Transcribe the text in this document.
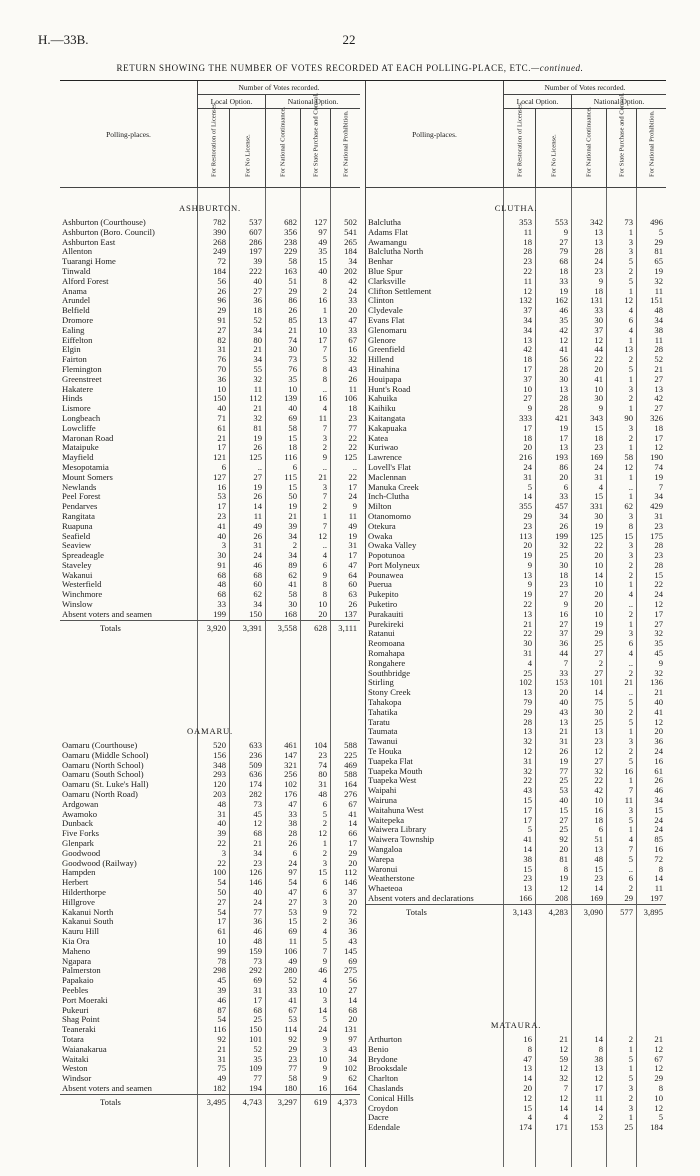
H.—33B.	22
RETURN SHOWING THE NUMBER OF VOTES RECORDED AT EACH POLLING-PLACE, ETC.—continued.
Polling-places.
Number of Votes recorded.
Local Option.	National Option.
For Restoration of Licenses.	For No License.	For National Continuance.	For State Purchase and Control.	For National Prohibition.
ASHBURTON.
Ashburton (Courthouse)	782	537	682	127	502
Ashburton (Boro. Council)	390	607	356	97	541
Ashburton East	268	286	238	49	265
Allenton	249	197	229	35	184
Tuarangi Home	72	39	58	15	34
Tinwald	184	222	163	40	202
Alford Forest	56	40	51	8	42
Anama	26	27	29	2	24
Arundel	96	36	86	16	33
Belfield	29	18	26	1	20
Dromore	91	52	85	13	47
Ealing	27	34	21	10	33
Eiffelton	82	80	74	17	67
Elgin	31	21	30	7	16
Fairton	76	34	73	5	32
Flemington	70	55	76	8	43
Greenstreet	36	32	35	8	26
Hakatere	10	11	10	..	11
Hinds	150	112	139	16	106
Lismore	40	21	40	4	18
Longbeach	71	32	69	11	23
Lowcliffe	61	81	58	7	77
Maronan Road	21	19	15	3	22
Mataipuke	17	26	18	2	22
Mayfield	121	125	116	9	125
Mesopotamia	6	..	6	..	..
Mount Somers	127	27	115	21	22
Newlands	16	19	15	3	17
Peel Forest	53	26	50	7	24
Pendarves	17	14	19	2	9
Rangitata	23	11	21	1	11
Ruapuna	41	49	39	7	49
Seafield	40	26	34	12	19
Seaview	3	31	2	..	31
Spreadeagle	30	24	34	4	17
Staveley	91	46	89	6	47
Wakanui	68	68	62	9	64
Westerfield	48	60	41	8	60
Winchmore	68	62	58	8	63
Winslow	33	34	30	10	26
Absent voters and seamen	199	150	168	20	137
Totals	3,920	3,391	3,558	628	3,111
OAMARU.
Oamaru (Courthouse)	520	633	461	104	588
Oamaru (Middle School)	156	236	147	23	225
Oamaru (North School)	348	509	321	74	469
Oamaru (South School)	293	636	256	80	588
Oamaru (St. Luke's Hall)	120	174	102	31	164
Oamaru (North Road)	203	282	176	48	276
Ardgowan	48	73	47	6	67
Awamoko	31	45	33	5	41
Dunback	40	12	38	2	14
Five Forks	39	68	28	12	66
Glenpark	22	21	26	1	17
Goodwood	3	34	6	2	29
Goodwood (Railway)	22	23	24	3	20
Hampden	100	126	97	15	112
Herbert	54	146	54	6	146
Hilderthorpe	50	40	47	6	37
Hillgrove	27	24	27	3	20
Kakanui North	54	77	53	9	72
Kakanui South	17	36	15	2	36
Kauru Hill	61	46	69	4	36
Kia Ora	10	48	11	5	43
Maheno	99	159	106	7	145
Ngapara	78	73	49	9	69
Palmerston	298	292	280	46	275
Papakaio	45	69	52	4	56
Peebles	39	31	33	10	27
Port Moeraki	46	17	41	3	14
Pukeuri	87	68	67	14	68
Shag Point	54	25	53	5	20
Teaneraki	116	150	114	24	131
Totara	92	101	92	9	97
Waianakarua	21	52	29	3	43
Waitaki	31	35	23	10	34
Weston	75	109	77	9	102
Windsor	49	77	58	9	62
Absent voters and seamen	182	194	180	16	164
Totals	3,495	4,743	3,297	619	4,373
Polling-places.
Number of Votes recorded.
Local Option.	National Option.
For Restoration of Licenses.	For No License.	For National Continuance.	For State Purchase and Control.	For National Prohibition.
CLUTHA.
Balclutha	353	553	342	73	496
Adams Flat	11	9	13	1	5
Awamangu	18	27	13	3	29
Balclutha North	28	79	28	3	81
Benhar	23	68	24	5	65
Blue Spur	22	18	23	2	19
Clarksville	11	33	9	5	32
Clifton Settlement	12	19	18	1	11
Clinton	132	162	131	12	151
Clydevale	37	46	33	4	48
Evans Flat	34	35	30	6	34
Glenomaru	34	42	37	4	38
Glenore	13	12	12	1	11
Greenfield	42	41	44	13	28
Hillend	18	56	22	2	52
Hinahina	17	28	20	5	21
Houipapa	37	30	41	1	27
Hunt's Road	10	13	10	3	13
Kahuika	27	28	30	2	42
Kaihiku	9	28	9	1	27
Kaitangata	333	421	343	90	326
Kakapuaka	17	19	15	3	18
Katea	18	17	18	2	17
Kuriwao	20	13	23	1	12
Lawrence	216	193	169	58	190
Lovell's Flat	24	86	24	12	74
Maclennan	31	20	31	1	19
Manuka Creek	5	6	4	..	7
Inch-Clutha	14	33	15	1	34
Milton	355	457	331	62	429
Otanomomo	29	34	30	3	31
Otekura	23	26	19	8	23
Owaka	113	199	125	15	175
Owaka Valley	20	32	22	3	28
Popotunoa	19	25	20	3	23
Port Molyneux	9	30	10	2	28
Pounawea	13	18	14	2	15
Puerua	9	23	10	1	22
Pukepito	19	27	20	4	24
Puketiro	22	9	20	..	12
Purakauiti	13	16	10	2	17
Purekireki	21	27	19	1	27
Ratanui	22	37	29	3	32
Reomoana	30	36	25	6	35
Romahapa	31	44	27	4	45
Rongahere	4	7	2	..	9
Southbridge	25	33	27	2	32
Stirling	102	153	101	21	136
Stony Creek	13	20	14	..	21
Tahakopa	79	40	75	5	40
Tahatika	29	43	30	2	41
Taratu	28	13	25	5	12
Taumata	13	21	13	1	20
Tawanui	32	31	23	3	36
Te Houka	12	26	12	2	24
Tuapeka Flat	31	19	27	5	16
Tuapeka Mouth	32	77	32	16	61
Tuapeka West	22	25	22	1	26
Waipahi	43	53	42	7	46
Wairuna	15	40	10	11	34
Waitahuna West	17	15	16	3	15
Waitepeka	17	27	18	5	24
Waiwera Library	5	25	6	1	24
Waiwera Township	41	92	51	4	85
Wangaloa	14	20	13	7	16
Warepa	38	81	48	5	72
Waronui	15	8	15	..	8
Weatherstone	23	19	23	6	14
Whaeteoa	13	12	14	2	11
Absent voters and declarations	166	208	169	29	197
Totals	3,143	4,283	3,090	577	3,895
MATAURA.
Arthurton	16	21	14	2	21
Benio	8	12	8	1	12
Brydone	47	59	38	5	67
Brooksdale	13	12	13	1	12
Charlton	14	32	12	5	29
Chaslands	20	7	17	3	8
Conical Hills	12	12	11	2	10
Croydon	15	14	14	3	12
Dacre	4	4	2	1	5
Edendale	174	171	153	25	184
